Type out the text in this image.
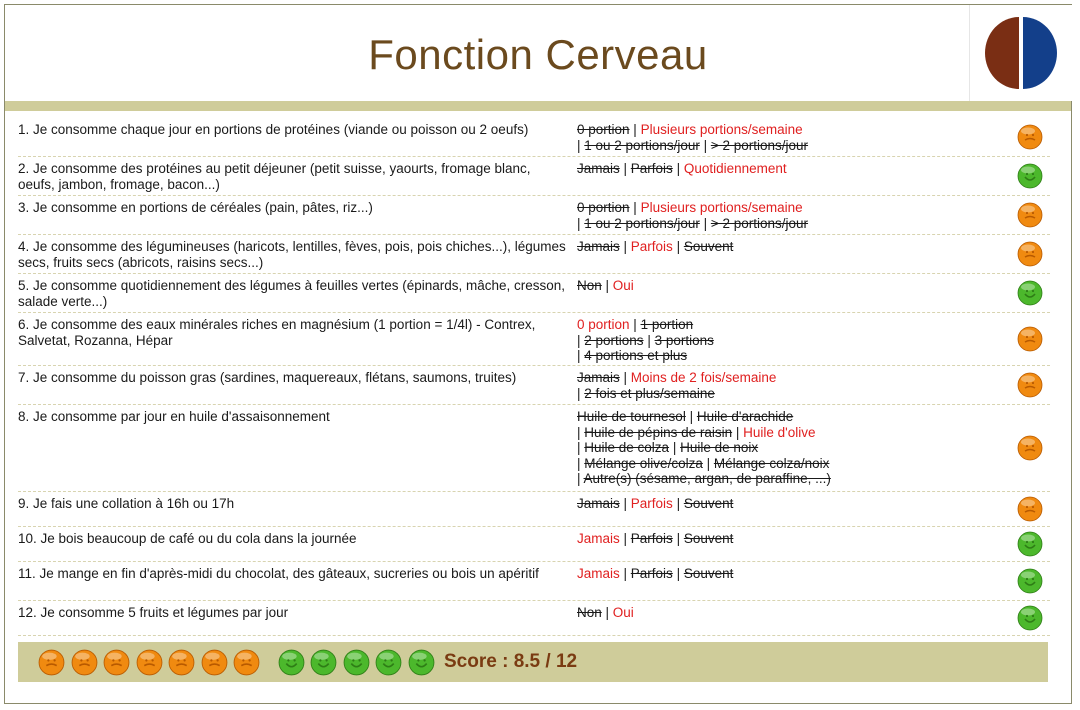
Fonction Cerveau
1. Je consomme chaque jour en portions de protéines (viande ou poisson ou 2 oeufs)	0 portion | Plusieurs portions/semaine
| 1 ou 2 portions/jour | > 2 portions/jour
2. Je consomme des protéines au petit déjeuner (petit suisse, yaourts, fromage blanc, oeufs, jambon, fromage, bacon...)
Jamais | Parfois | Quotidiennement
3. Je consomme en portions de céréales (pain, pâtes, riz...)	0 portion | Plusieurs portions/semaine
| 1 ou 2 portions/jour | > 2 portions/jour
4. Je consomme des légumineuses (haricots, lentilles, fèves, pois, pois chiches...), légumes secs, fruits secs (abricots, raisins secs...)
Jamais | Parfois | Souvent
5. Je consomme quotidiennement des légumes à feuilles vertes (épinards, mâche, cresson, salade verte...)
Non | Oui
6. Je consomme des eaux minérales riches en magnésium (1 portion = 1/4l) - Contrex, Salvetat, Rozanna, Hépar
0 portion | 1 portion
| 2 portions | 3 portions
| 4 portions et plus
7. Je consomme du poisson gras (sardines, maquereaux, flétans, saumons, truites)	Jamais | Moins de 2 fois/semaine
| 2 fois et plus/semaine
8. Je consomme par jour en huile d'assaisonnement	Huile de tournesol | Huile d'arachide
| Huile de pépins de raisin | Huile d'olive
| Huile de colza | Huile de noix
| Mélange olive/colza | Mélange colza/noix
| Autre(s) (sésame, argan, de paraffine, ...)
9. Je fais une collation à 16h ou 17h	Jamais | Parfois | Souvent
10. Je bois beaucoup de café ou du cola dans la journée	Jamais | Parfois | Souvent
11. Je mange en fin d'après-midi du chocolat, des gâteaux, sucreries ou bois un apéritif	Jamais | Parfois | Souvent
12. Je consomme 5 fruits et légumes par jour	Non | Oui
Score : 8.5 / 12
